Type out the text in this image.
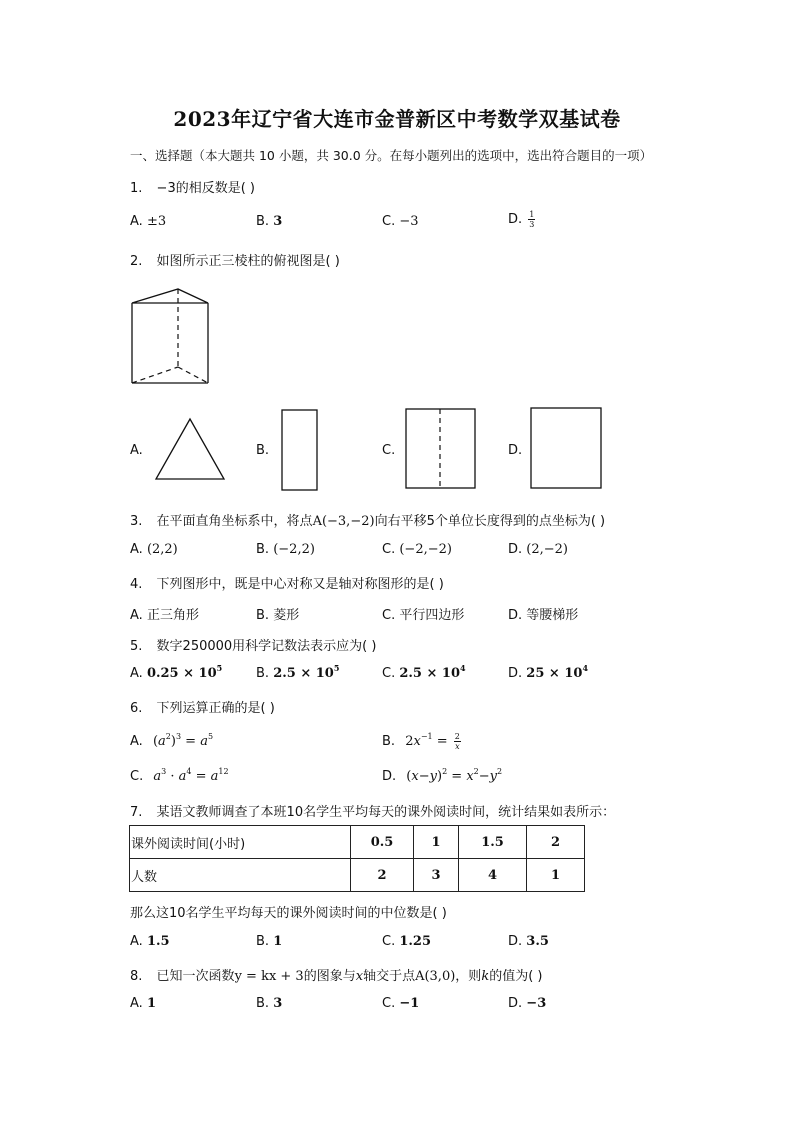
2023年辽宁省大连市金普新区中考数学双基试卷
一、选择题（本大题共 10 小题，共 30.0 分。在每小题列出的选项中，选出符合题目的一项）
1. −3的相反数是( )
A. ±3	B. 3	C. −3	D. $\frac{1}{3}$
2. 如图所示正三棱柱的俯视图是( )
A.	B.	C.	D.
3. 在平面直角坐标系中，将点A(−3,−2)向右平移5个单位长度得到的点坐标为( )
A. (2,2)	B. (−2,2)	C. (−2,−2)	D. (2,−2)
4. 下列图形中，既是中心对称又是轴对称图形的是( )
A. 正三角形	B. 菱形	C. 平行四边形	D. 等腰梯形
5. 数字250000用科学记数法表示应为( )
A. $0.25 \times 10^5$	B. $2.5 \times 10^5$	C. $2.5 \times 10^4$	D. $25 \times 10^4$
6. 下列运算正确的是( )
A. $(a^2)^3 = a^5$	B. $2x^{-1} = \frac{2}{x}$
C. $a^3 \cdot a^4 = a^{12}$	D. $(x-y)^2 = x^2-y^2$
7. 某语文教师调查了本班10名学生平均每天的课外阅读时间，统计结果如表所示：
课外阅读时间(小时)	0.5	1	1.5	2
人数	2	3	4	1
那么这10名学生平均每天的课外阅读时间的中位数是( )
A. 1.5	B. 1	C. 1.25	D. 3.5
8. 已知一次函数y = kx + 3的图象与x轴交于点A(3,0)，则k的值为( )
A. 1	B. 3	C. −1	D. −3
